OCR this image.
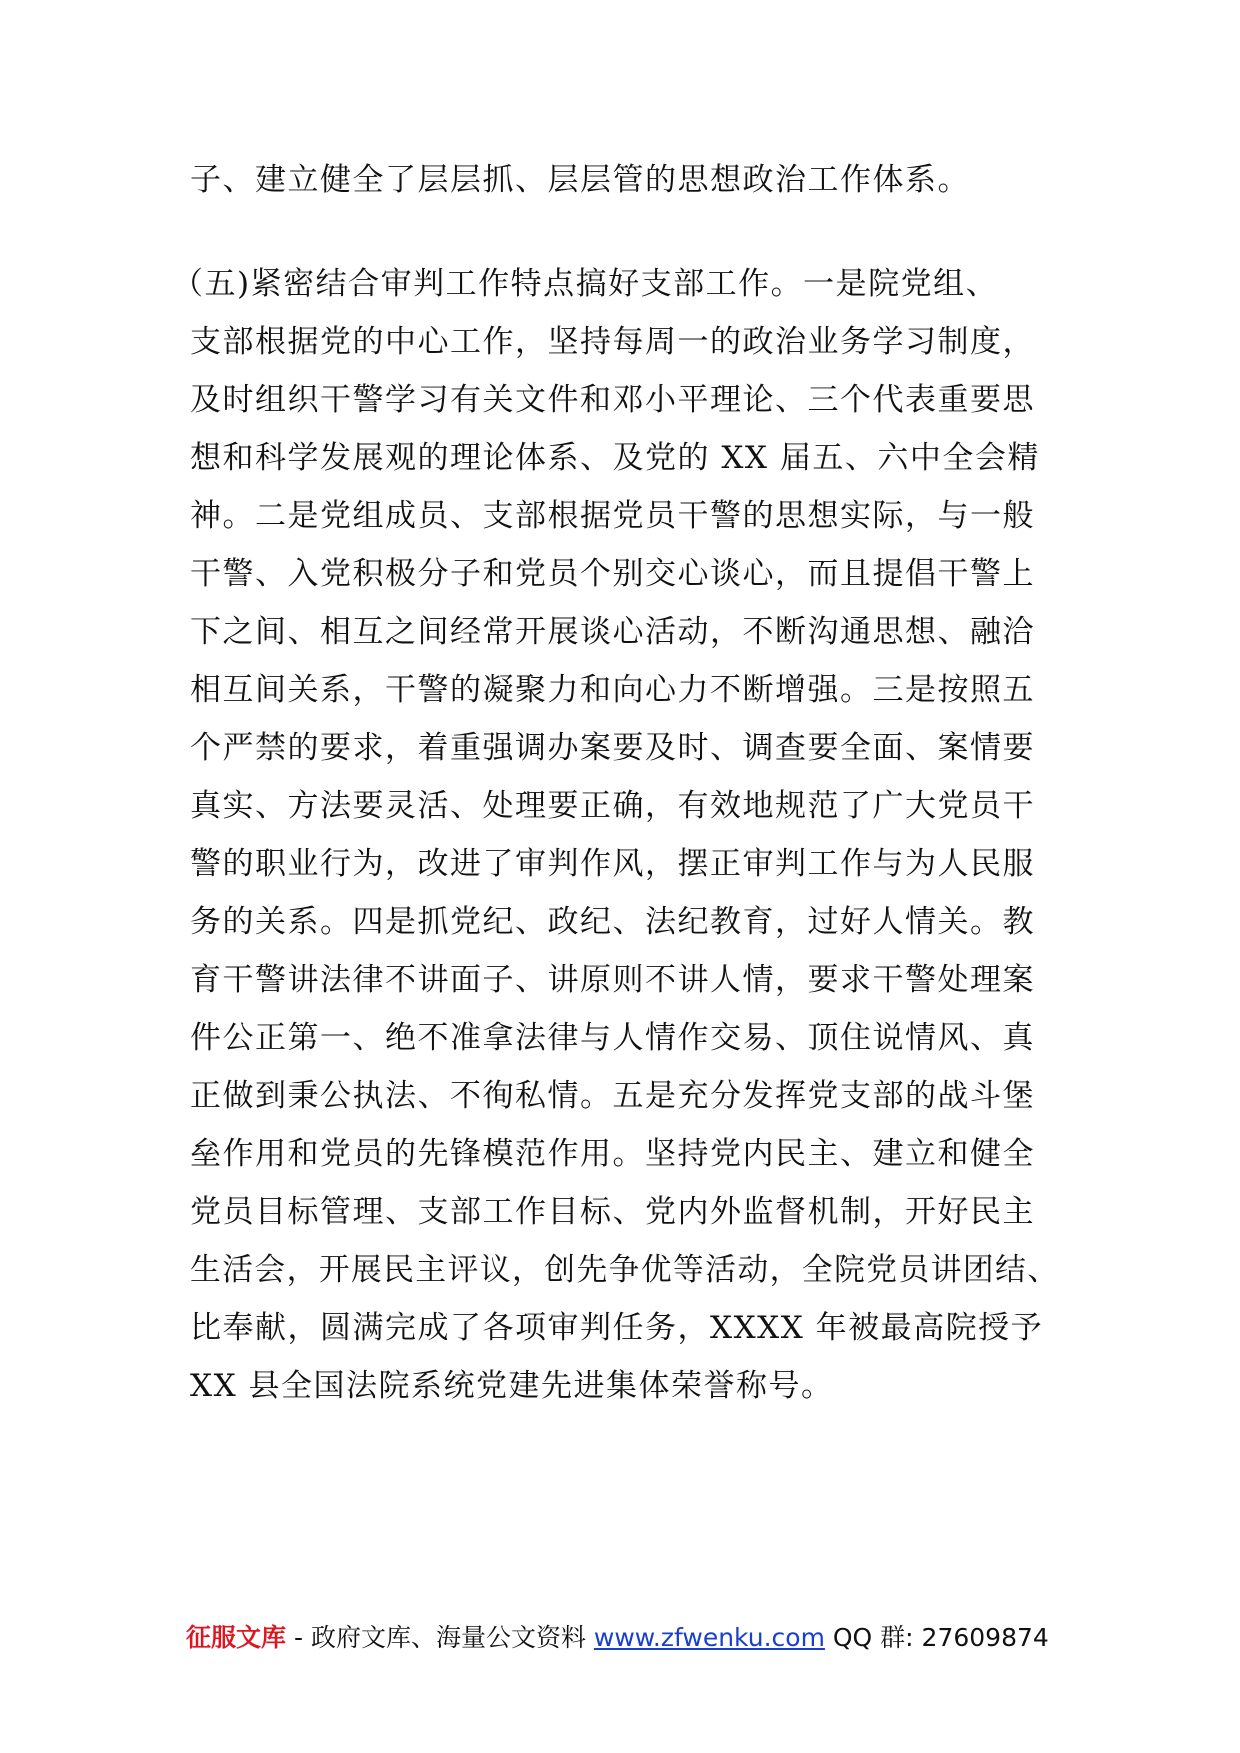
子、建立健全了层层抓、层层管的思想政治工作体系。
（五)紧密结合审判工作特点搞好支部工作。一是院党组、
支部根据党的中心工作，坚持每周一的政治业务学习制度，
及时组织干警学习有关文件和邓小平理论、三个代表重要思
想和科学发展观的理论体系、及党的 XX 届五、六中全会精
神。二是党组成员、支部根据党员干警的思想实际，与一般
干警、入党积极分子和党员个别交心谈心，而且提倡干警上
下之间、相互之间经常开展谈心活动，不断沟通思想、融洽
相互间关系，干警的凝聚力和向心力不断增强。三是按照五
个严禁的要求，着重强调办案要及时、调查要全面、案情要
真实、方法要灵活、处理要正确，有效地规范了广大党员干
警的职业行为，改进了审判作风，摆正审判工作与为人民服
务的关系。四是抓党纪、政纪、法纪教育，过好人情关。教
育干警讲法律不讲面子、讲原则不讲人情，要求干警处理案
件公正第一、绝不准拿法律与人情作交易、顶住说情风、真
正做到秉公执法、不徇私情。五是充分发挥党支部的战斗堡
垒作用和党员的先锋模范作用。坚持党内民主、建立和健全
党员目标管理、支部工作目标、党内外监督机制，开好民主
生活会，开展民主评议，创先争优等活动，全院党员讲团结、
比奉献，圆满完成了各项审判任务，XXXX 年被最高院授予
XX 县全国法院系统党建先进集体荣誉称号。
征服文库 - 政府文库、海量公文资料 www.zfwenku.com QQ 群: 27609874
